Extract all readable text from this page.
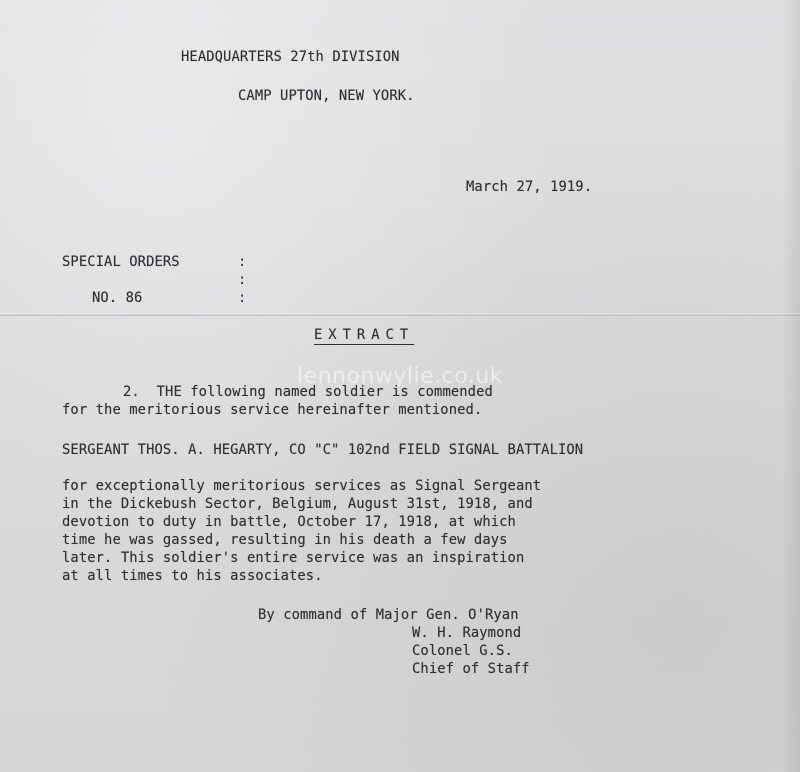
HEADQUARTERS 27th DIVISION

CAMP UPTON, NEW YORK.

March 27, 1919.

SPECIAL ORDERS	:
:

NO. 86	:

EXTRACT

lennonwylie.co.uk

2.  THE following named soldier is commended

for the meritorious service hereinafter mentioned.

SERGEANT THOS. A. HEGARTY, CO "C" 102nd FIELD SIGNAL BATTALION

for exceptionally meritorious services as Signal Sergeant

in the Dickebush Sector, Belgium, August 31st, 1918, and

devotion to duty in battle, October 17, 1918, at which

time he was gassed, resulting in his death a few days

later. This soldier's entire service was an inspiration

at all times to his associates.

By command of Major Gen. O'Ryan

W. H. Raymond

Colonel G.S.

Chief of Staff
